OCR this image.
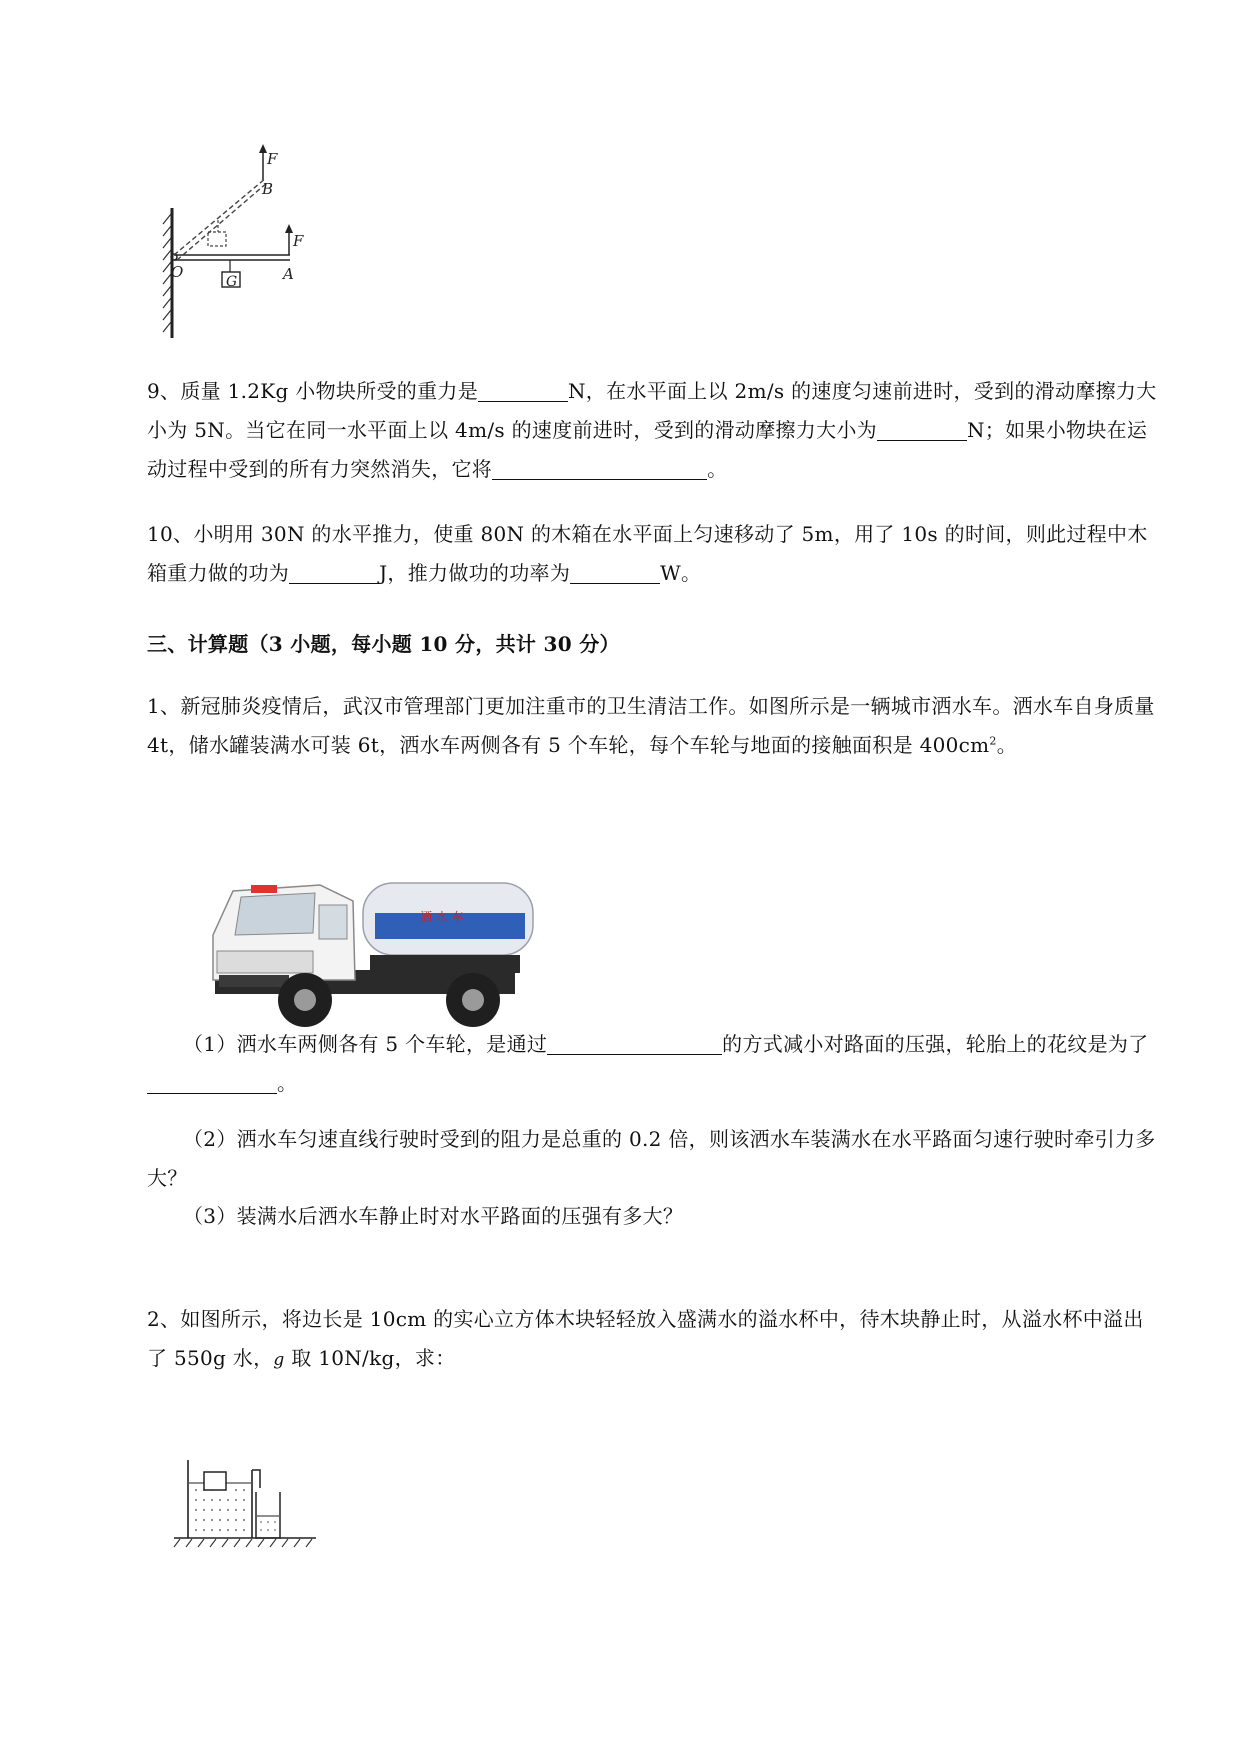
F
B
F
O	A
G
9、质量 1.2Kg 小物块所受的重力是	N，在水平面上以 2m/s 的速度匀速前进时，受到的滑动摩擦力大小为 5N。当它在同一水平面上以 4m/s 的速度前进时，受到的滑动摩擦力大小为	N；如果小物块在运动过程中受到的所有力突然消失，它将	。
10、小明用 30N 的水平推力，使重 80N 的木箱在水平面上匀速移动了 5m，用了 10s 的时间，则此过程中木箱重力做的功为	J，推力做功的功率为	W。
三、计算题（3 小题，每小题 10 分，共计 30 分）
1、新冠肺炎疫情后，武汉市管理部门更加注重市的卫生清洁工作。如图所示是一辆城市洒水车。洒水车自身质量 4t，储水罐装满水可装 6t，洒水车两侧各有 5 个车轮，每个车轮与地面的接触面积是 $400cm^2$。
洒 水 车
（1）洒水车两侧各有 5 个车轮，是通过	的方式减小对路面的压强，轮胎上的花纹是为了。
（2）洒水车匀速直线行驶时受到的阻力是总重的 0.2 倍，则该洒水车装满水在水平路面匀速行驶时牵引力多大？
（3）装满水后洒水车静止时对水平路面的压强有多大？
2、如图所示，将边长是 10cm 的实心立方体木块轻轻放入盛满水的溢水杯中，待木块静止时，从溢水杯中溢出了 550g 水，g 取 10N/kg，求：
